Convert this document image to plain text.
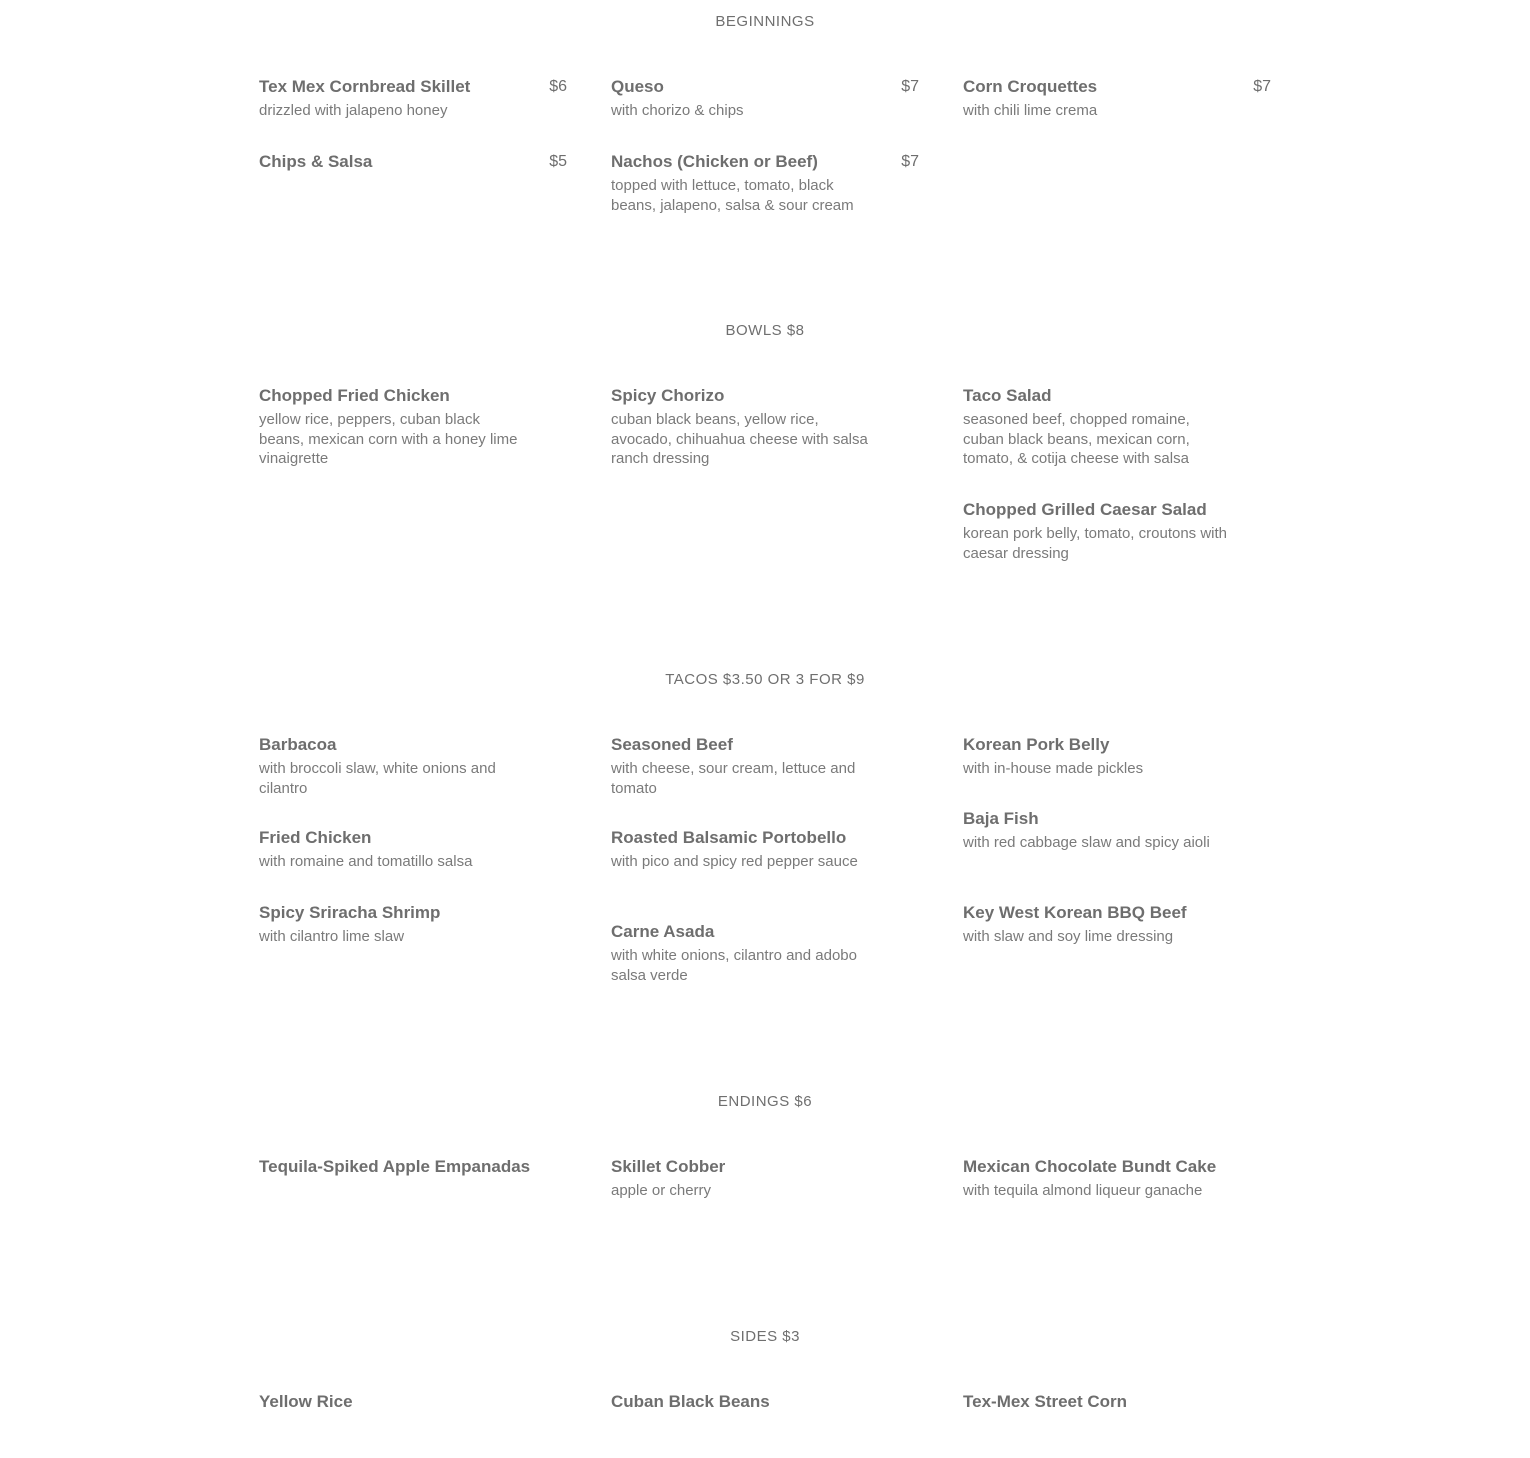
BEGINNINGS
Tex Mex Cornbread Skillet	$6
drizzled with jalapeno honey
Queso	$7
with chorizo & chips
Corn Croquettes	$7
with chili lime crema
Chips & Salsa	$5	Nachos (Chicken or Beef)	$7
topped with lettuce, tomato, black beans, jalapeno, salsa & sour cream
BOWLS $8
Chopped Fried Chicken
yellow rice, peppers, cuban black beans, mexican corn with a honey lime vinaigrette
Spicy Chorizo
cuban black beans, yellow rice, avocado, chihuahua cheese with salsa ranch dressing
Taco Salad
seasoned beef, chopped romaine, cuban black beans, mexican corn, tomato, & cotija cheese with salsa
Chopped Grilled Caesar Salad
korean pork belly, tomato, croutons with caesar dressing
TACOS $3.50 OR 3 FOR $9
Barbacoa
with broccoli slaw, white onions and cilantro
Seasoned Beef
with cheese, sour cream, lettuce and tomato
Korean Pork Belly
with in-house made pickles
Baja Fish
with red cabbage slaw and spicy aioli
Fried Chicken
with romaine and tomatillo salsa
Roasted Balsamic Portobello
with pico and spicy red pepper sauce
Spicy Sriracha Shrimp
with cilantro lime slaw
Key West Korean BBQ Beef
with slaw and soy lime dressing
Carne Asada
with white onions, cilantro and adobo salsa verde
ENDINGS $6
Tequila-Spiked Apple Empanadas	Skillet Cobber
apple or cherry
Mexican Chocolate Bundt Cake
with tequila almond liqueur ganache
SIDES $3
Yellow Rice	Cuban Black Beans	Tex-Mex Street Corn
